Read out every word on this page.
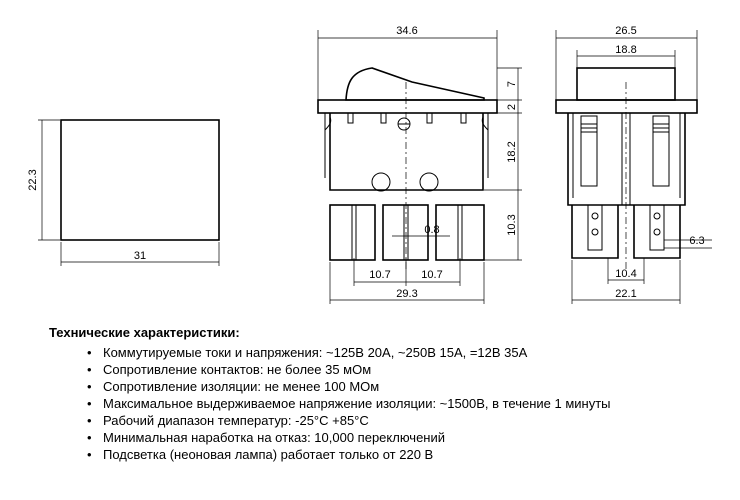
22.3
31
34.6
0.8
10.7	10.7
29.3
7
2
18.2
10.3
26.5
18.8
6.3
10.4
22.1
Технические характеристики:
• Коммутируемые токи и напряжения: ~125В 20А, ~250В 15А, =12В 35А
• Сопротивление контактов: не более 35 мОм
• Сопротивление изоляции: не менее 100 МОм
• Максимальное выдерживаемое напряжение изоляции: ~1500В, в течение 1 минуты
• Рабочий диапазон температур: -25°С +85°С
• Минимальная наработка на отказ: 10,000 переключений
• Подсветка (неоновая лампа) работает только от 220 В
